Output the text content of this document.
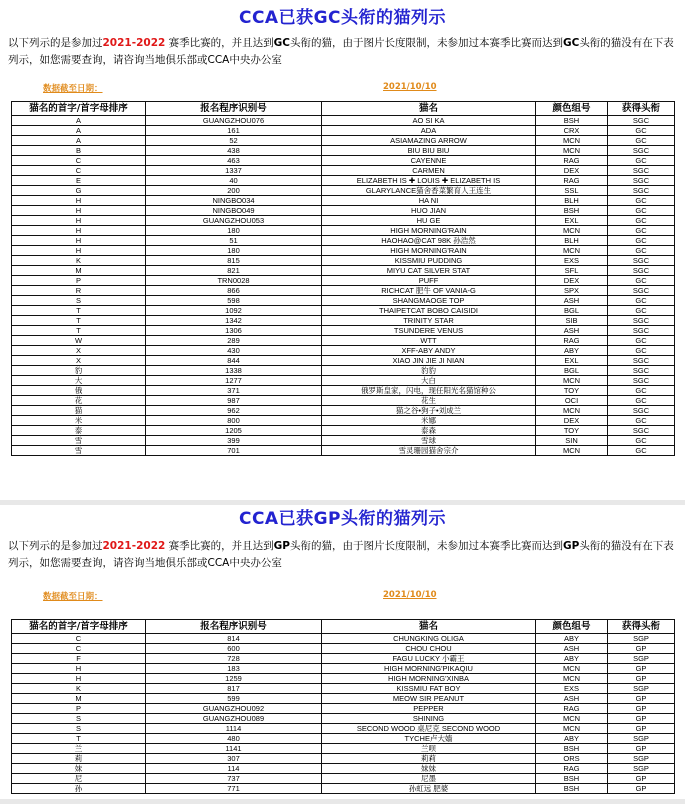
CCA已获GC头衔的猫列示
以下列示的是参加过2021-2022 赛季比赛的，并且达到GC头衔的猫，由于图片长度限制，未参加过本赛季比赛而达到GC头衔的猫没有在下表列示，如您需要查询，请咨询当地俱乐部或CCA中央办公室
数据截至日期：	2021/10/10
猫名的首字/首字母排序	报名程序识别号	猫名	颜色组号	获得头衔
A	GUANGZHOU076	AO SI KA	BSH	SGC
A	161	ADA	CRX	GC
A	52	ASIAMAZING ARROW	MCN	GC
B	438	BIU BIU BIU	MCN	SGC
C	463	CAYENNE	RAG	GC
C	1337	CARMEN	DEX	SGC
E	40	ELIZABETH IS ✚ LOUIS ✚ ELIZABETH IS	RAG	SGC
G	200	GLARYLANCE猫舍香菜繁育人王连生	SSL	SGC
H	NINGBO034	HA NI	BLH	GC
H	NINGBO049	HUO JIAN	BSH	GC
H	GUANGZHOU053	HU GE	EXL	GC
H	180	HIGH MORNING'RAIN	MCN	GC
H	51	HAOHAO@CAT 98K 孙浩然	BLH	GC
H	180	HIGH MORNING'RAIN	MCN	GC
K	815	KISSMIU PUDDING	EXS	SGC
M	821	MIYU CAT SILVER STAT	SFL	SGC
P	TRN0028	PUFF	DEX	GC
R	866	RICHCAT 肥牛 OF VANIA-G	SPX	SGC
S	598	SHANGMAOGE TOP	ASH	GC
T	1092	THAIPETCAT BOBO CAISIDI	BGL	GC
T	1342	TRINITY STAR	SIB	SGC
T	1306	TSUNDERE VENUS	ASH	SGC
W	289	WTT	RAG	GC
X	430	XFF-ABY ANDY	ABY	GC
X	844	XIAO JIN JIE JI NIAN	EXL	SGC
豹	1338	豹豹	BGL	SGC
大	1277	大白	MCN	SGC
俄	371	俄罗斯皇家，闪电，现任阳光名猫馆种公	TOY	GC
花	987	花生	OCI	GC
猫	962	猫之谷•狗子•刘成兰	MCN	SGC
米	800	米娜	DEX	GC
泰	1205	泰森	TOY	SGC
雪	399	雪球	SIN	GC
雪	701	雪灵珊园猫舍宗介	MCN	GC
CCA已获GP头衔的猫列示
以下列示的是参加过2021-2022 赛季比赛的，并且达到GP头衔的猫，由于图片长度限制，未参加过本赛季比赛而达到GP头衔的猫没有在下表列示，如您需要查询，请咨询当地俱乐部或CCA中央办公室
数据截至日期：	2021/10/10
猫名的首字/首字母排序	报名程序识别号	猫名	颜色组号	获得头衔
C	814	CHUNGKING OLIGA	ABY	SGP
C	600	CHOU CHOU	ASH	GP
F	728	FAGU LUCKY 小霸王	ABY	SGP
H	183	HIGH MORNING'PIKAQIU	MCN	GP
H	1259	HIGH MORNING'XINBA	MCN	GP
K	817	KISSMIU FAT BOY	EXS	SGP
M	599	MEOW SIR PEANUT	ASH	GP
P	GUANGZHOU092	PEPPER	RAG	GP
S	GUANGZHOU089	SHINING	MCN	GP
S	1114	SECOND WOOD 桌尼克 SECOND WOOD	MCN	GP
T	480	TYCHE卢大嫱	ABY	SGP
兰	1141	兰呗	BSH	GP
莉	307	莉莉	ORS	SGP
妹	114	妹妹	RAG	SGP
尼	737	尼墨	BSH	GP
孙	771	孙虹远 肥婆	BSH	GP
